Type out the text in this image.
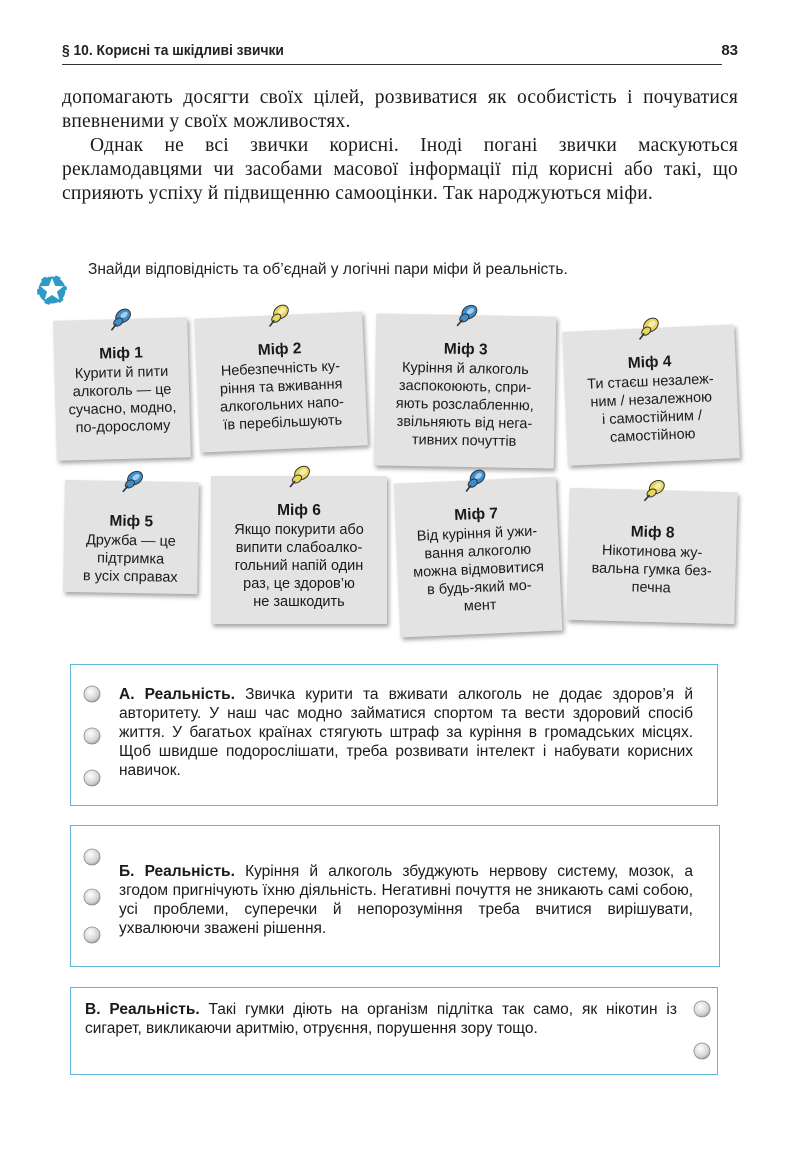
§ 10. Корисні та шкідливі звички	83

допомагають досягти своїх цілей, розвиватися як особистість і почуватися впевненими у своїх можливостях.

Однак не всі звички корисні. Іноді погані звички маскуються рекламодавцями чи засобами масової інформації під корисні або такі, що сприяють успіху й підвищенню самооцінки. Так народжуються міфи.

Знайди відповідність та об’єднай у логічні пари міфи й реальність.
Міф 1
Курити й пити
алкоголь — це
сучасно, модно,
по-дорослому
Міф 2
Небезпечність ку-
ріння та вживання
алкогольних напо-
їв перебільшують
Міф 3
Куріння й алкоголь
заспокоюють, спри-
яють розслабленню,
звільняють від нега-
тивних почуттів
Міф 4
Ти стаєш незалеж-
ним / незалежною
і самостійним /
самостійною
Міф 5
Дружба — це
підтримка
в усіх справах
Міф 6
Якщо покурити або
випити слабоалко-
гольний напій один
раз, це здоров’ю
не зашкодить
Міф 7
Від куріння й ужи-
вання алкоголю
можна відмовитися
в будь-який мо-
мент
Міф 8
Нікотинова жу-
вальна гумка без-
печна
А. Реальність. Звичка курити та вживати алкоголь не додає здоров’я й авторитету. У наш час модно займатися спортом та вести здоровий спосіб життя. У багатьох країнах стягують штраф за куріння в громадських місцях. Щоб швидше подорослішати, треба розвивати інтелект і набувати корисних навичок.
Б. Реальність. Куріння й алкоголь збуджують нервову систему, мозок, а згодом пригнічують їхню діяльність. Негативні почуття не зникають самі собою, усі проблеми, суперечки й непорозуміння треба вчитися вирішувати, ухвалюючи зважені рішення.
В. Реальність. Такі гумки діють на організм підлітка так само, як нікотин із сигарет, викликаючи аритмію, отруєння, порушення зору тощо.
